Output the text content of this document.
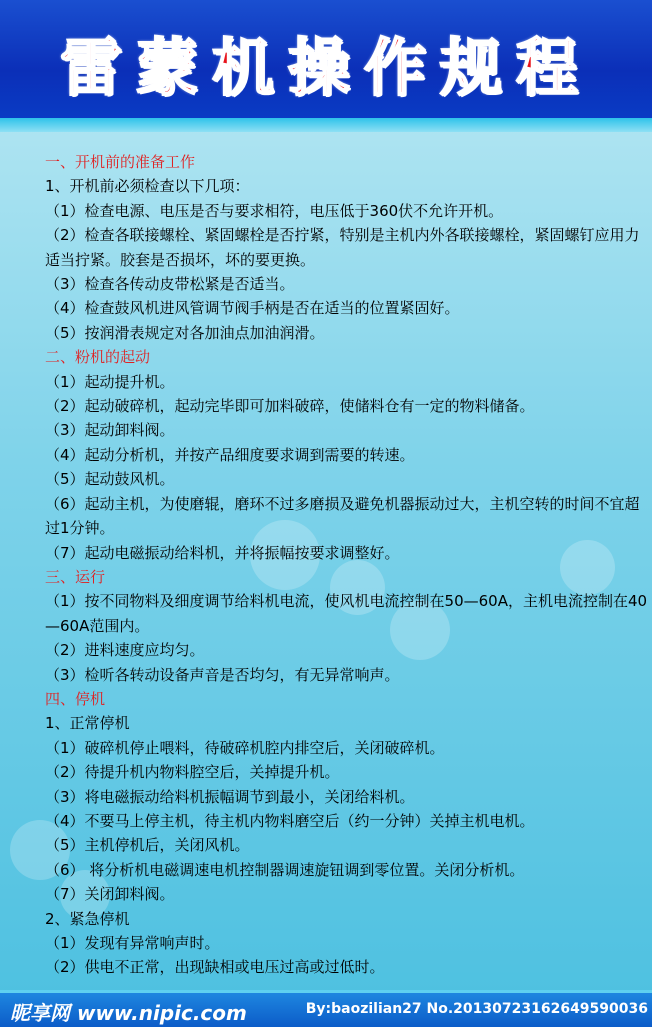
雷蒙机操作规程
一、开机前的准备工作
1、开机前必须检查以下几项：
（1）检查电源、电压是否与要求相符，电压低于360伏不允许开机。
（2）检查各联接螺栓、紧固螺栓是否拧紧，特别是主机内外各联接螺栓，紧固螺钉应用力适当拧紧。胶套是否损坏，坏的要更换。
（3）检查各传动皮带松紧是否适当。
（4）检查鼓风机进风管调节阀手柄是否在适当的位置紧固好。
（5）按润滑表规定对各加油点加油润滑。
二、粉机的起动
（1）起动提升机。
（2）起动破碎机，起动完毕即可加料破碎，使储料仓有一定的物料储备。
（3）起动卸料阀。
（4）起动分析机，并按产品细度要求调到需要的转速。
（5）起动鼓风机。
（6）起动主机，为使磨辊，磨环不过多磨损及避免机器振动过大，主机空转的时间不宜超过1分钟。
（7）起动电磁振动给料机，并将振幅按要求调整好。
三、运行
（1）按不同物料及细度调节给料机电流，使风机电流控制在50—60A，主机电流控制在40—60A范围内。
（2）进料速度应均匀。
（3）检听各转动设备声音是否均匀，有无异常响声。
四、停机
1、正常停机
（1）破碎机停止喂料，待破碎机腔内排空后，关闭破碎机。
（2）待提升机内物料腔空后，关掉提升机。
（3）将电磁振动给料机振幅调节到最小，关闭给料机。
（4）不要马上停主机，待主机内物料磨空后（约一分钟）关掉主机电机。
（5）主机停机后，关闭风机。
（6） 将分析机电磁调速电机控制器调速旋钮调到零位置。关闭分析机。
（7）关闭卸料阀。
2、紧急停机
（1）发现有异常响声时。
（2）供电不正常，出现缺相或电压过高或过低时。
昵享网 www.nipic.com	By:baozilian27 No.20130723162649590036
